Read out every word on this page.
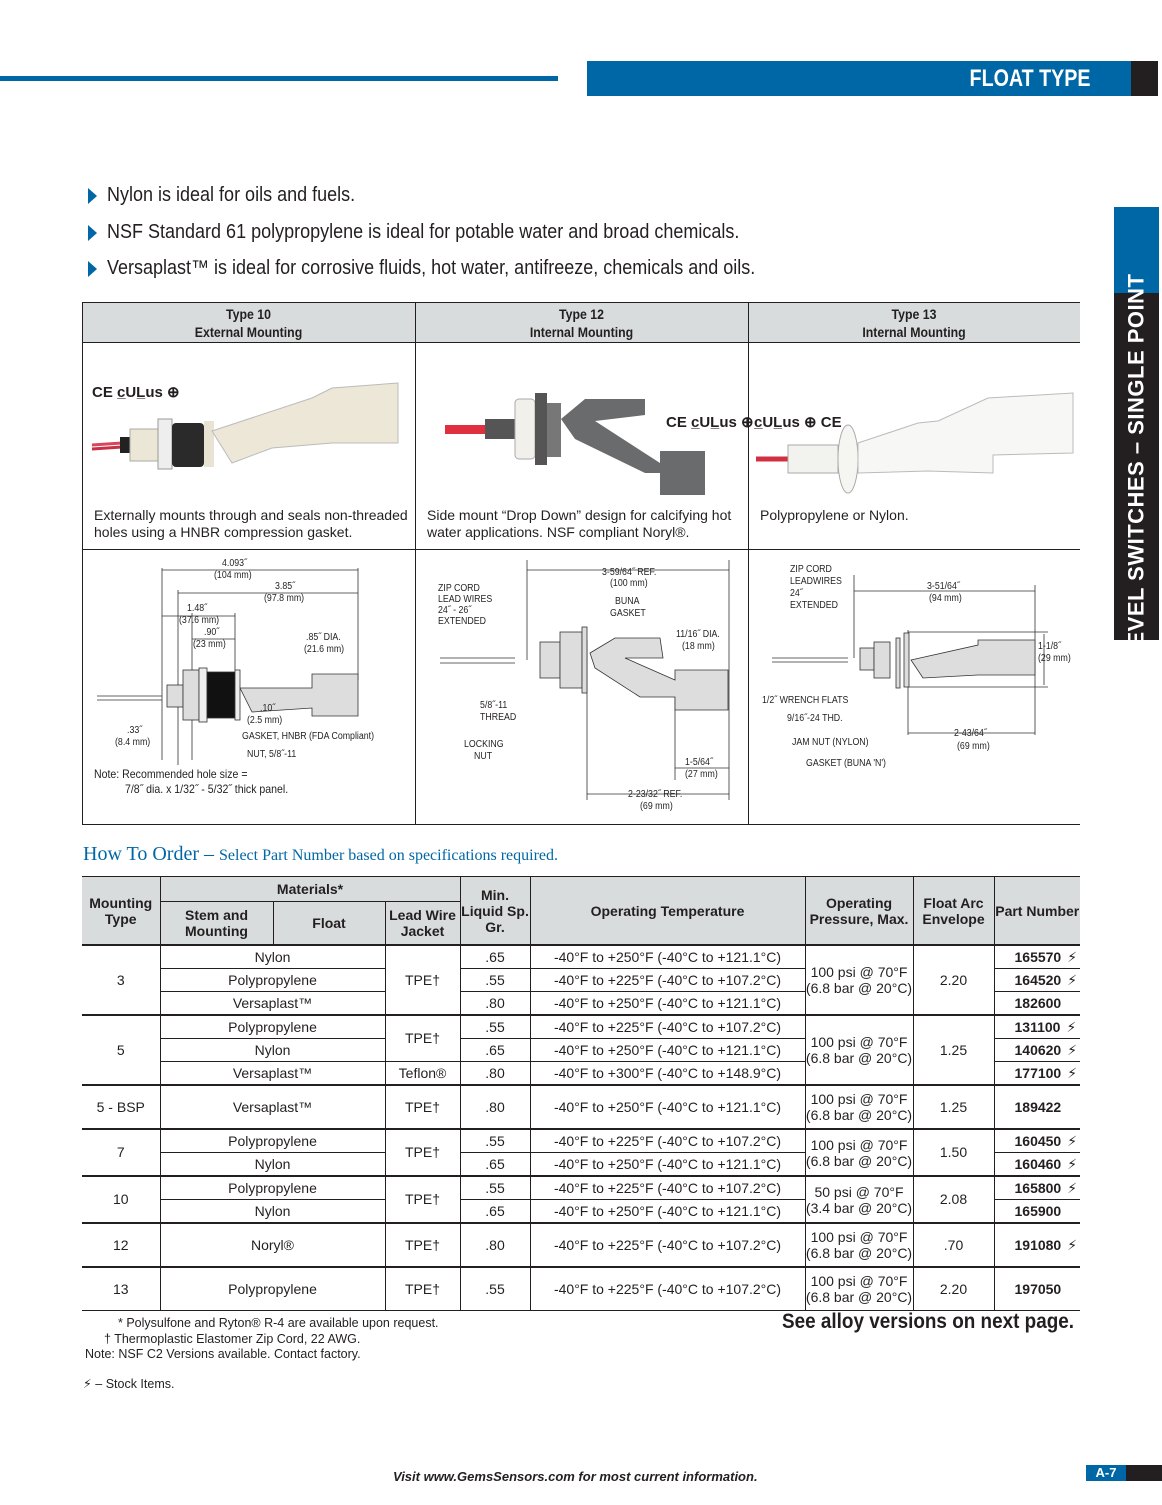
FLOAT TYPE
LEVEL SWITCHES – SINGLE POINT
Nylon is ideal for oils and fuels.
NSF Standard 61 polypropylene is ideal for potable water and broad chemicals.
Versaplast™ is ideal for corrosive fluids, hot water, antifreeze, chemicals and oils.
Type 10
External Mounting
Type 12
Internal Mounting
Type 13
Internal Mounting
CE c̲UL̲us ⊕
Externally mounts through and seals non-threaded holes using a HNBR compression gasket.
CE c̲UL̲us ⊕
Side mount “Drop Down” design for calcifying hot water applications. NSF compliant Noryl®.
c̲UL̲us ⊕ CE
Polypropylene or Nylon.
4.093˝
(104 mm)
3.85˝
(97.8 mm)
1.48˝
(37.6 mm)
.90˝
(23 mm)
.85˝ DIA.
(21.6 mm)
.10˝
(2.5 mm)
.33˝
(8.4 mm)
GASKET, HNBR (FDA Compliant)
NUT, 5/8˝-11
Note: Recommended hole size =
7/8˝ dia. x 1/32˝ - 5/32˝ thick panel.
ZIP CORD
LEAD WIRES
24˝ - 26˝
EXTENDED
3-59/64˝ REF.
(100 mm)
BUNA
GASKET
11/16˝ DIA.
(18 mm)
5/8˝-11
THREAD
LOCKING
NUT
1-5/64˝
(27 mm)
2-23/32˝ REF.
(69 mm)
ZIP CORD
LEADWIRES
24˝
EXTENDED
3-51/64˝
(94 mm)
1-1/8˝
(29 mm)
1/2˝ WRENCH FLATS
9/16˝-24 THD.
JAM NUT (NYLON)
GASKET (BUNA 'N')
2-43/64˝
(69 mm)
How To Order – Select Part Number based on specifications required.
Mounting Type	Materials*			Min. Liquid Sp. Gr.	Operating Temperature	Operating Pressure, Max.	Float Arc Envelope	Part Number
	Stem and Mounting	Float	Lead Wire Jacket					
3	Nylon		TPE†	.65	-40°F to +250°F (-40°C to +121.1°C)	100 psi @ 70°F (6.8 bar @ 20°C)	2.20	165570 ⚡︎
	Polypropylene			.55	-40°F to +225°F (-40°C to +107.2°C)			164520 ⚡︎
	Versaplast™			.80	-40°F to +250°F (-40°C to +121.1°C)			182600
5	Polypropylene		TPE†	.55	-40°F to +225°F (-40°C to +107.2°C)	100 psi @ 70°F (6.8 bar @ 20°C)	1.25	131100 ⚡︎
	Nylon			.65	-40°F to +250°F (-40°C to +121.1°C)			140620 ⚡︎
	Versaplast™		Teflon®	.80	-40°F to +300°F (-40°C to +148.9°C)			177100 ⚡︎
5 - BSP	Versaplast™		TPE†	.80	-40°F to +250°F (-40°C to +121.1°C)	100 psi @ 70°F (6.8 bar @ 20°C)	1.25	189422
7	Polypropylene		TPE†	.55	-40°F to +225°F (-40°C to +107.2°C)	100 psi @ 70°F (6.8 bar @ 20°C)	1.50	160450 ⚡︎
	Nylon			.65	-40°F to +250°F (-40°C to +121.1°C)			160460 ⚡︎
10	Polypropylene		TPE†	.55	-40°F to +225°F (-40°C to +107.2°C)	50 psi @ 70°F (3.4 bar @ 20°C)	2.08	165800 ⚡︎
	Nylon			.65	-40°F to +250°F (-40°C to +121.1°C)			165900
12	Noryl®		TPE†	.80	-40°F to +225°F (-40°C to +107.2°C)	100 psi @ 70°F (6.8 bar @ 20°C)	.70	191080 ⚡︎
13	Polypropylene		TPE†	.55	-40°F to +225°F (-40°C to +107.2°C)	100 psi @ 70°F (6.8 bar @ 20°C)	2.20	197050
* Polysulfone and Ryton® R-4 are available upon request.
† Thermoplastic Elastomer Zip Cord, 22 AWG.
Note: NSF C2 Versions available. Contact factory.
⚡︎ – Stock Items.
See alloy versions on next page.
Visit www.GemsSensors.com for most current information.	A-7
